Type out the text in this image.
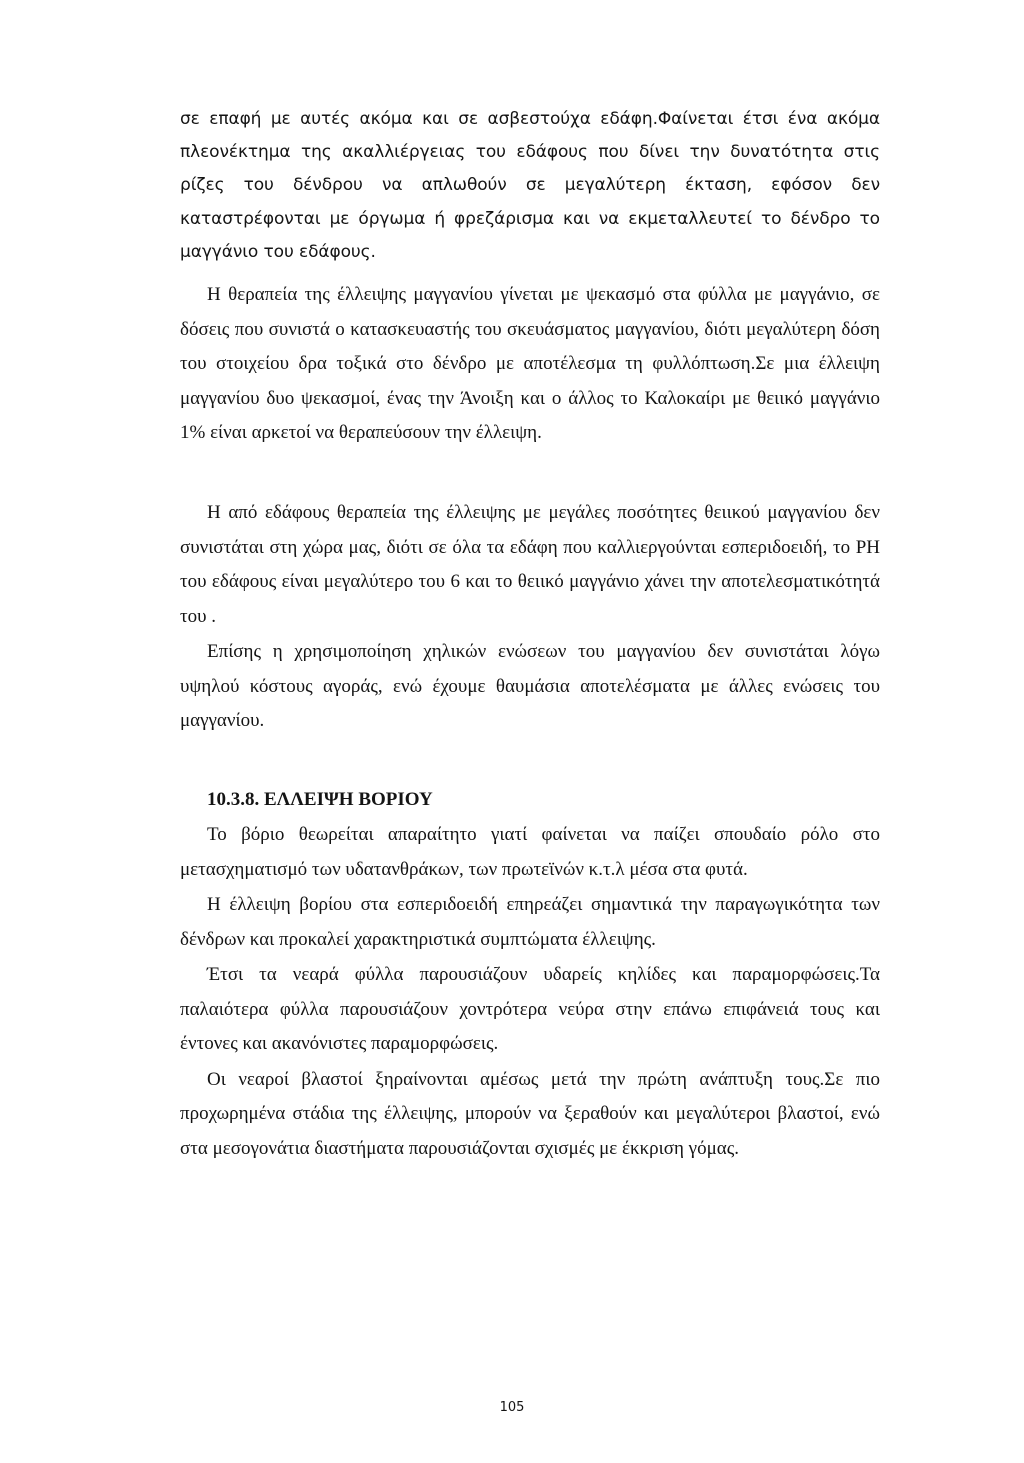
σε επαφή με αυτές ακόμα και σε ασβεστούχα εδάφη.Φαίνεται έτσι ένα ακόμα πλεονέκτημα της ακαλλιέργειας του εδάφους που δίνει την δυνατότητα στις ρίζες του δένδρου να απλωθούν σε μεγαλύτερη έκταση, εφόσον δεν καταστρέφονται με όργωμα ή φρεζάρισμα και να εκμεταλλευτεί το δένδρο το μαγγάνιο του εδάφους.

Η θεραπεία της έλλειψης μαγγανίου γίνεται με ψεκασμό στα φύλλα με μαγγάνιο, σε δόσεις που συνιστά ο κατασκευαστής του σκευάσματος μαγγανίου, διότι μεγαλύτερη δόση του στοιχείου δρα τοξικά στο δένδρο με αποτέλεσμα τη φυλλόπτωση.Σε μια έλλειψη μαγγανίου δυο ψεκασμοί, ένας την Άνοιξη και ο άλλος το Καλοκαίρι με θειικό μαγγάνιο 1% είναι αρκετοί να θεραπεύσουν την έλλειψη.

Η από εδάφους θεραπεία της έλλειψης με μεγάλες ποσότητες θειικού μαγγανίου δεν συνιστάται στη χώρα μας, διότι σε όλα τα εδάφη που καλλιεργούνται εσπεριδοειδή, το PH του εδάφους είναι μεγαλύτερο του 6 και το θειικό μαγγάνιο χάνει την αποτελεσματικότητά του .

Επίσης η χρησιμοποίηση χηλικών ενώσεων του μαγγανίου δεν συνιστάται λόγω υψηλού κόστους αγοράς, ενώ έχουμε θαυμάσια αποτελέσματα με άλλες ενώσεις του μαγγανίου.

10.3.8. ΕΛΛΕΙΨΗ ΒΟΡΙΟΥ

Το βόριο θεωρείται απαραίτητο γιατί φαίνεται να παίζει σπουδαίο ρόλο στο μετασχηματισμό των υδατανθράκων, των πρωτεϊνών κ.τ.λ μέσα στα φυτά.

Η έλλειψη βορίου στα εσπεριδοειδή επηρεάζει σημαντικά την παραγωγικότητα των δένδρων και προκαλεί χαρακτηριστικά συμπτώματα έλλειψης.

Έτσι τα νεαρά φύλλα παρουσιάζουν υδαρείς κηλίδες και παραμορφώσεις.Τα παλαιότερα φύλλα παρουσιάζουν χοντρότερα νεύρα στην επάνω επιφάνειά τους και έντονες και ακανόνιστες παραμορφώσεις.

Οι νεαροί βλαστοί ξηραίνονται αμέσως μετά την πρώτη ανάπτυξη τους.Σε πιο προχωρημένα στάδια της έλλειψης, μπορούν να ξεραθούν και μεγαλύτεροι βλαστοί, ενώ στα μεσογονάτια διαστήματα παρουσιάζονται σχισμές με έκκριση γόμας.

105
